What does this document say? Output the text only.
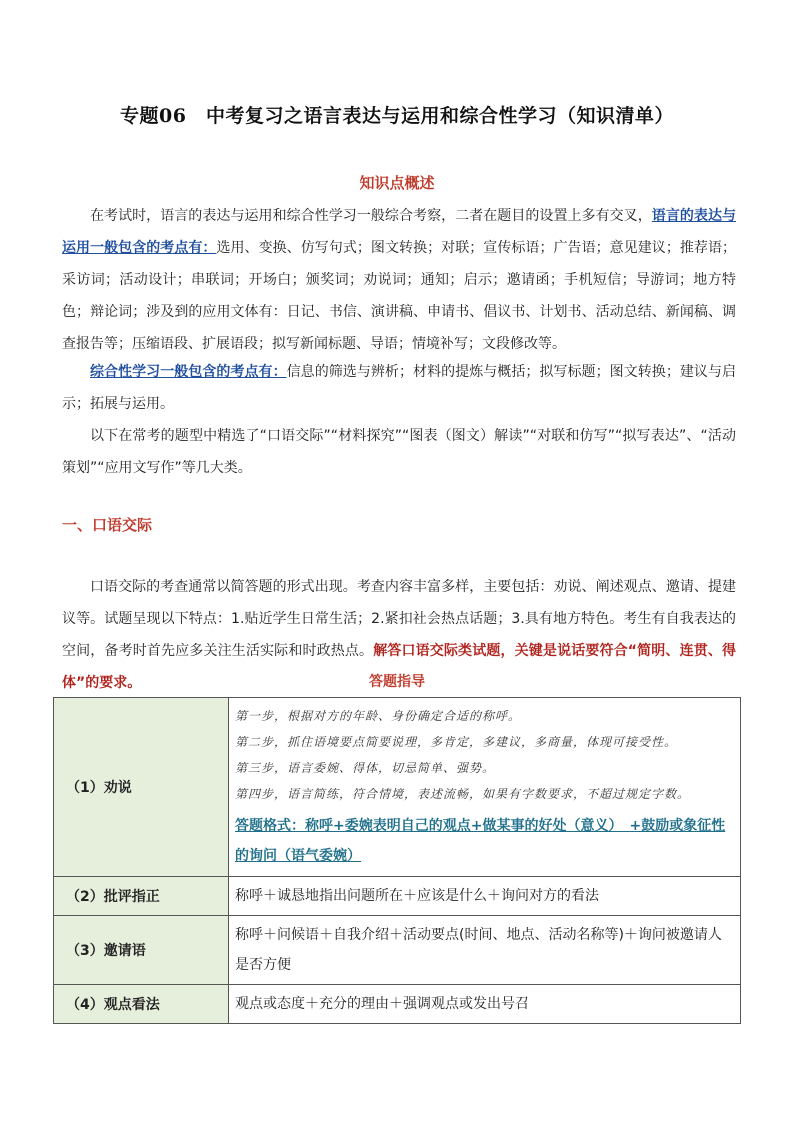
专题06　中考复习之语言表达与运用和综合性学习（知识清单）
知识点概述
在考试时，语言的表达与运用和综合性学习一般综合考察，二者在题目的设置上多有交叉，语言的表达与运用一般包含的考点有：选用、变换、仿写句式；图文转换；对联；宣传标语；广告语；意见建议；推荐语；采访词；活动设计；串联词；开场白；颁奖词；劝说词；通知；启示；邀请函；手机短信；导游词；地方特色；辩论词；涉及到的应用文体有：日记、书信、演讲稿、申请书、倡议书、计划书、活动总结、新闻稿、调查报告等；压缩语段、扩展语段；拟写新闻标题、导语；情境补写；文段修改等。
综合性学习一般包含的考点有：信息的筛选与辨析；材料的提炼与概括；拟写标题；图文转换；建议与启示；拓展与运用。
以下在常考的题型中精选了“口语交际”“材料探究”“图表（图文）解读”“对联和仿写”“拟写表达”、“活动策划”“应用文写作”等几大类。
一、口语交际
口语交际的考查通常以简答题的形式出现。考查内容丰富多样，主要包括：劝说、阐述观点、邀请、提建议等。试题呈现以下特点：1.贴近学生日常生活；2.紧扣社会热点话题；3.具有地方特色。考生有自我表达的空间，备考时首先应多关注生活实际和时政热点。解答口语交际类试题，关键是说话要符合“简明、连贯、得体”的要求。	答题指导
（1）劝说	第一步，根据对方的年龄、身份确定合适的称呼。
第二步，抓住语境要点简要说理，多肯定，多建议，多商量，体现可接受性。
第三步，语言委婉、得体，切忌简单、强势。
第四步，语言简练，符合情境，表述流畅，如果有字数要求，不超过规定字数。
答题格式：称呼+委婉表明自己的观点+做某事的好处（意义）　+鼓励或象征性的询问（语气委婉）

（2）批评指正	称呼＋诚恳地指出问题所在＋应该是什么＋询问对方的看法
（3）邀请语	称呼＋问候语＋自我介绍＋活动要点(时间、地点、活动名称等)＋询问被邀请人是否方便
（4）观点看法	观点或态度＋充分的理由＋强调观点或发出号召
